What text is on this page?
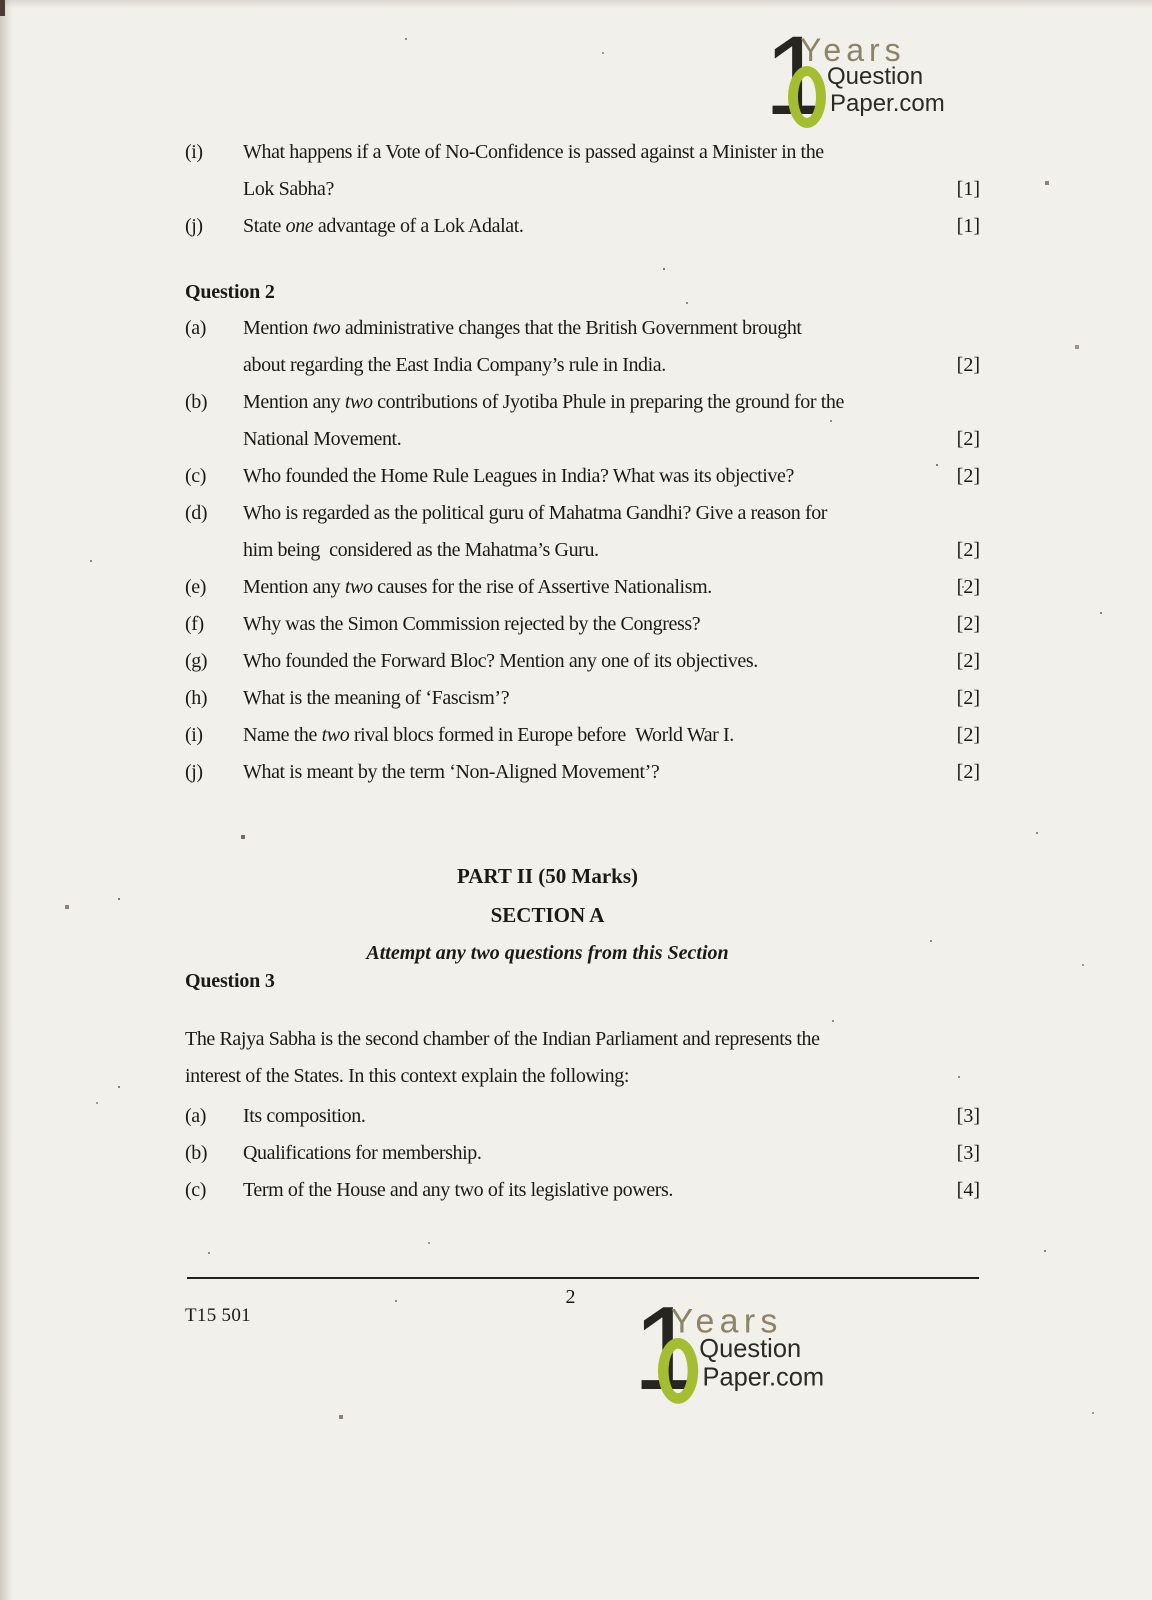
1
Years
Question
Paper.com
(i) What happens if a Vote of No-Confidence is passed against a Minister in the
Lok Sabha?	[1]
(j) State one advantage of a Lok Adalat.	[1]
Question 2
(a) Mention two administrative changes that the British Government brought
about regarding the East India Company’s rule in India.	[2]
(b) Mention any two contributions of Jyotiba Phule in preparing the ground for the
National Movement.	[2]
(c) Who founded the Home Rule Leagues in India? What was its objective?	[2]
(d) Who is regarded as the political guru of Mahatma Gandhi? Give a reason for
him being  considered as the Mahatma’s Guru.	[2]
(e) Mention any two causes for the rise of Assertive Nationalism.	[2]
(f) Why was the Simon Commission rejected by the Congress?	[2]
(g) Who founded the Forward Bloc? Mention any one of its objectives.	[2]
(h) What is the meaning of ‘Fascism’?	[2]
(i) Name the two rival blocs formed in Europe before  World War I.	[2]
(j) What is meant by the term ‘Non-Aligned Movement’?	[2]
PART II (50 Marks)
SECTION A
Attempt any two questions from this Section
Question 3
The Rajya Sabha is the second chamber of the Indian Parliament and represents the
interest of the States. In this context explain the following:
(a) Its composition.	[3]
(b) Qualifications for membership.	[3]
(c) Term of the House and any two of its legislative powers.	[4]
2
T15 501	1
Years
Question
Paper.com
